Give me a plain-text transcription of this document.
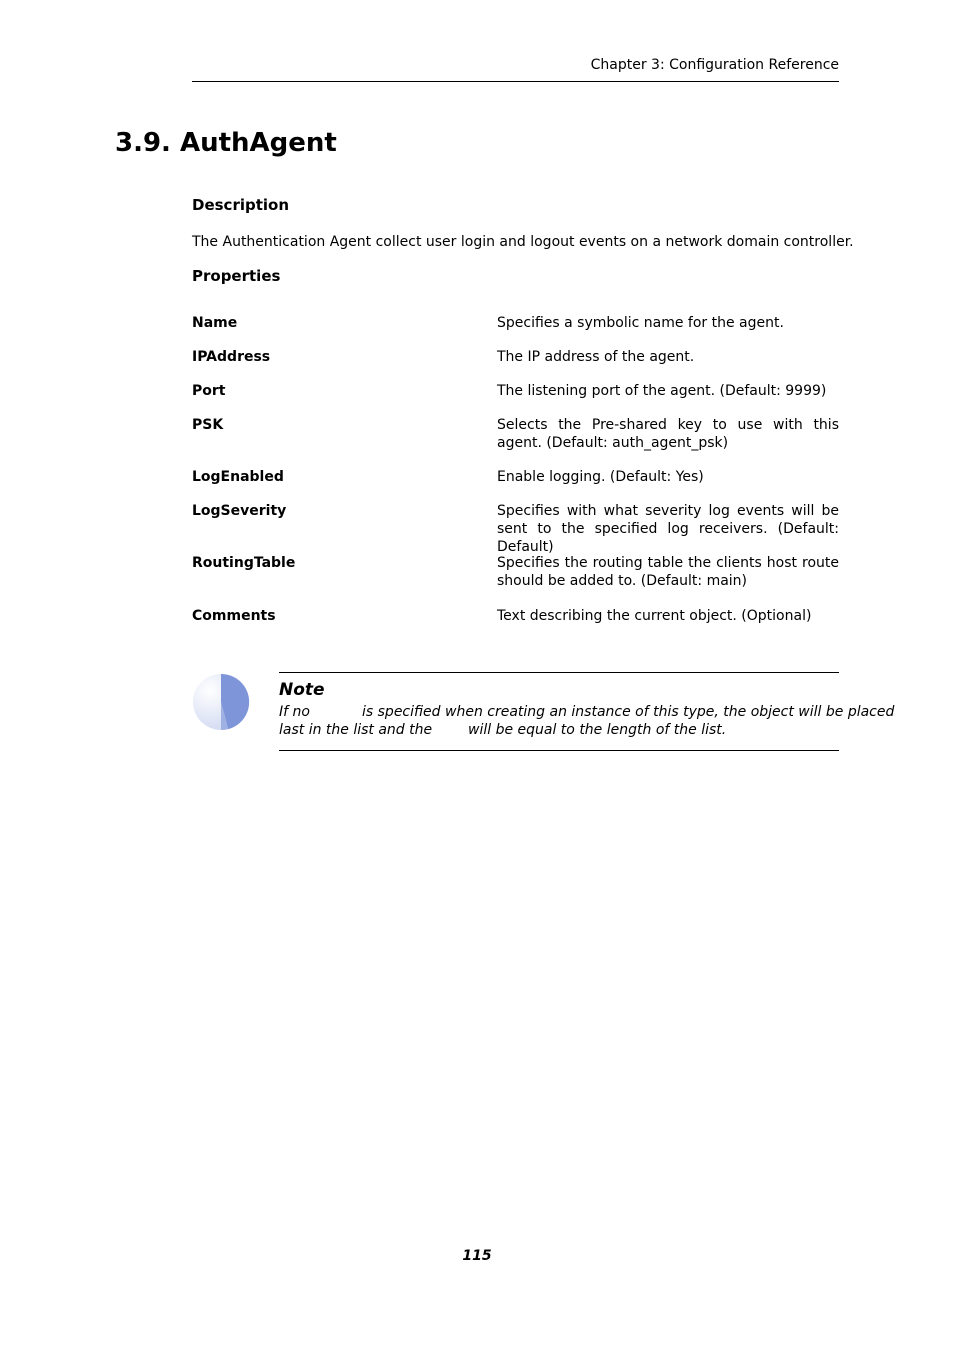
Chapter 3: Configuration Reference
3.9. AuthAgent
Description
The Authentication Agent collect user login and logout events on a network domain controller.
Properties
Name	Specifies a symbolic name for the agent.
IPAddress	The IP address of the agent.
Port	The listening port of the agent. (Default: 9999)
PSK	Selects the Pre-shared key to use with this agent. (Default: auth_agent_psk)
LogEnabled	Enable logging. (Default: Yes)
LogSeverity	Specifies with what severity log events will be sent to the specified log receivers. (Default: Default)
RoutingTable	Specifies the routing table the clients host route should be added to. (Default: main)
Comments	Text describing the current object. (Optional)
Note
If no	is specified when creating an instance of this type, the object will be placed
last in the list and the	will be equal to the length of the list.
115
